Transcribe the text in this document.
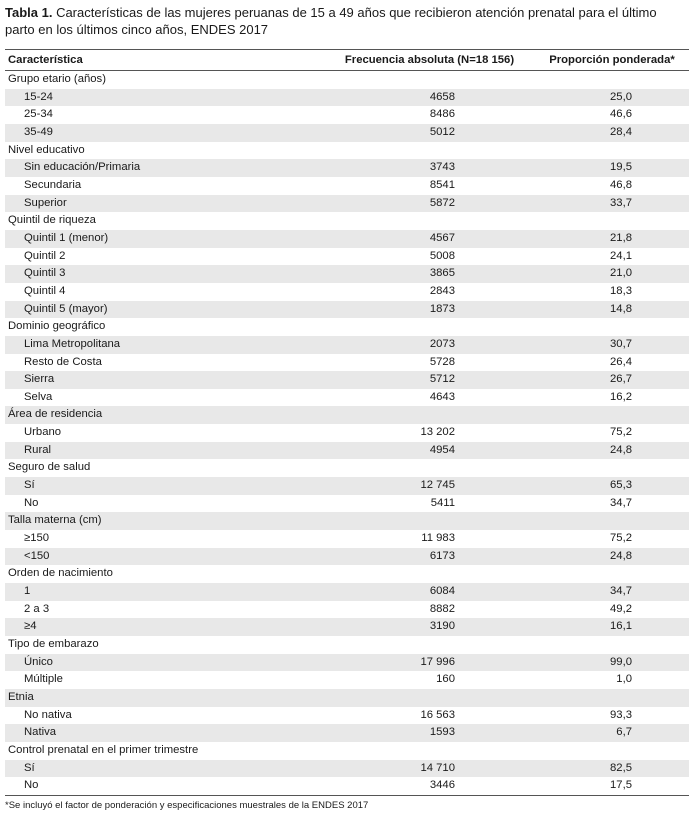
Tabla 1. Características de las mujeres peruanas de 15 a 49 años que recibieron atención prenatal para el último parto en los últimos cinco años, ENDES 2017
Característica	Frecuencia absoluta (N=18 156)	Proporción ponderada*
Grupo etario (años)		
15-24	4658	25,0
25-34	8486	46,6
35-49	5012	28,4
Nivel educativo		
Sin educación/Primaria	3743	19,5
Secundaria	8541	46,8
Superior	5872	33,7
Quintil de riqueza		
Quintil 1 (menor)	4567	21,8
Quintil 2	5008	24,1
Quintil 3	3865	21,0
Quintil 4	2843	18,3
Quintil 5 (mayor)	1873	14,8
Dominio geográfico		
Lima Metropolitana	2073	30,7
Resto de Costa	5728	26,4
Sierra	5712	26,7
Selva	4643	16,2
Área de residencia		
Urbano	13 202	75,2
Rural	4954	24,8
Seguro de salud		
Sí	12 745	65,3
No	5411	34,7
Talla materna (cm)		
≥150	11 983	75,2
<150	6173	24,8
Orden de nacimiento		
1	6084	34,7
2 a 3	8882	49,2
≥4	3190	16,1
Tipo de embarazo		
Único	17 996	99,0
Múltiple	160	1,0
Etnia		
No nativa	16 563	93,3
Nativa	1593	6,7
Control prenatal en el primer trimestre		
Sí	14 710	82,5
No	3446	17,5
*Se incluyó el factor de ponderación y especificaciones muestrales de la ENDES 2017
